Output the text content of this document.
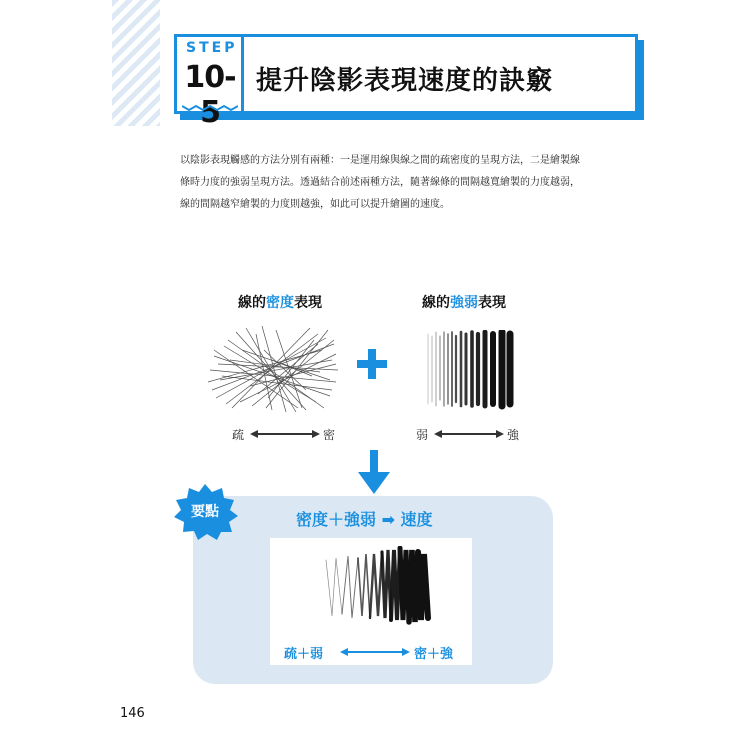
STEP
10-5
提升陰影表現速度的訣竅
以陰影表現觸感的方法分別有兩種：一是運用線與線之間的疏密度的呈現方法，二是繪製線條時力度的強弱呈現方法。透過結合前述兩種方法，隨著線條的間隔越寬繪製的力度越弱，線的間隔越窄繪製的力度則越強，如此可以提升繪圖的速度。
線的密度表現
疏	密
線的強弱表現
弱	強
要點	密度＋強弱 ➡ 速度
疏＋弱	密＋強
146
